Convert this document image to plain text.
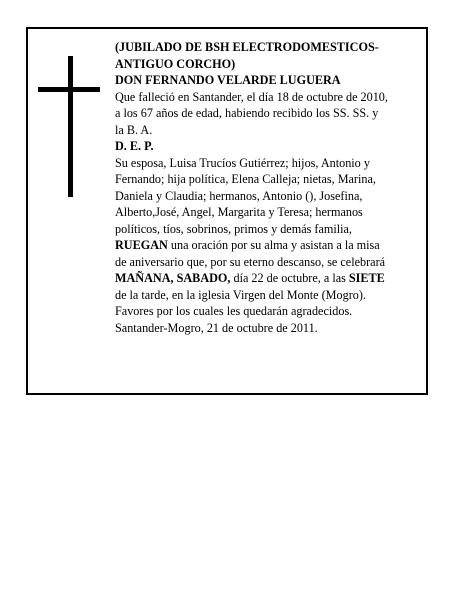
(JUBILADO DE BSH ELECTRODOMESTICOS-

ANTIGUO CORCHO)

DON FERNANDO VELARDE LUGUERA

Que falleció en Santander, el día 18 de octubre de 2010,

a los 67 años de edad, habiendo recibido los SS. SS. y

la B. A.

D. E. P.

Su esposa, Luisa Trucíos Gutiérrez; hijos, Antonio y

Fernando; hija política, Elena Calleja; nietas, Marina,

Daniela y Claudia; hermanos, Antonio (), Josefina,

Alberto,José, Angel, Margarita y Teresa; hermanos

políticos, tíos, sobrinos, primos y demás familia,

RUEGAN una oración por su alma y asistan a la misa

de aniversario que, por su eterno descanso, se celebrará

MAÑANA, SABADO, día 22 de octubre, a las SIETE

de la tarde, en la iglesia Virgen del Monte (Mogro).

Favores por los cuales les quedarán agradecidos.

Santander-Mogro, 21 de octubre de 2011.
